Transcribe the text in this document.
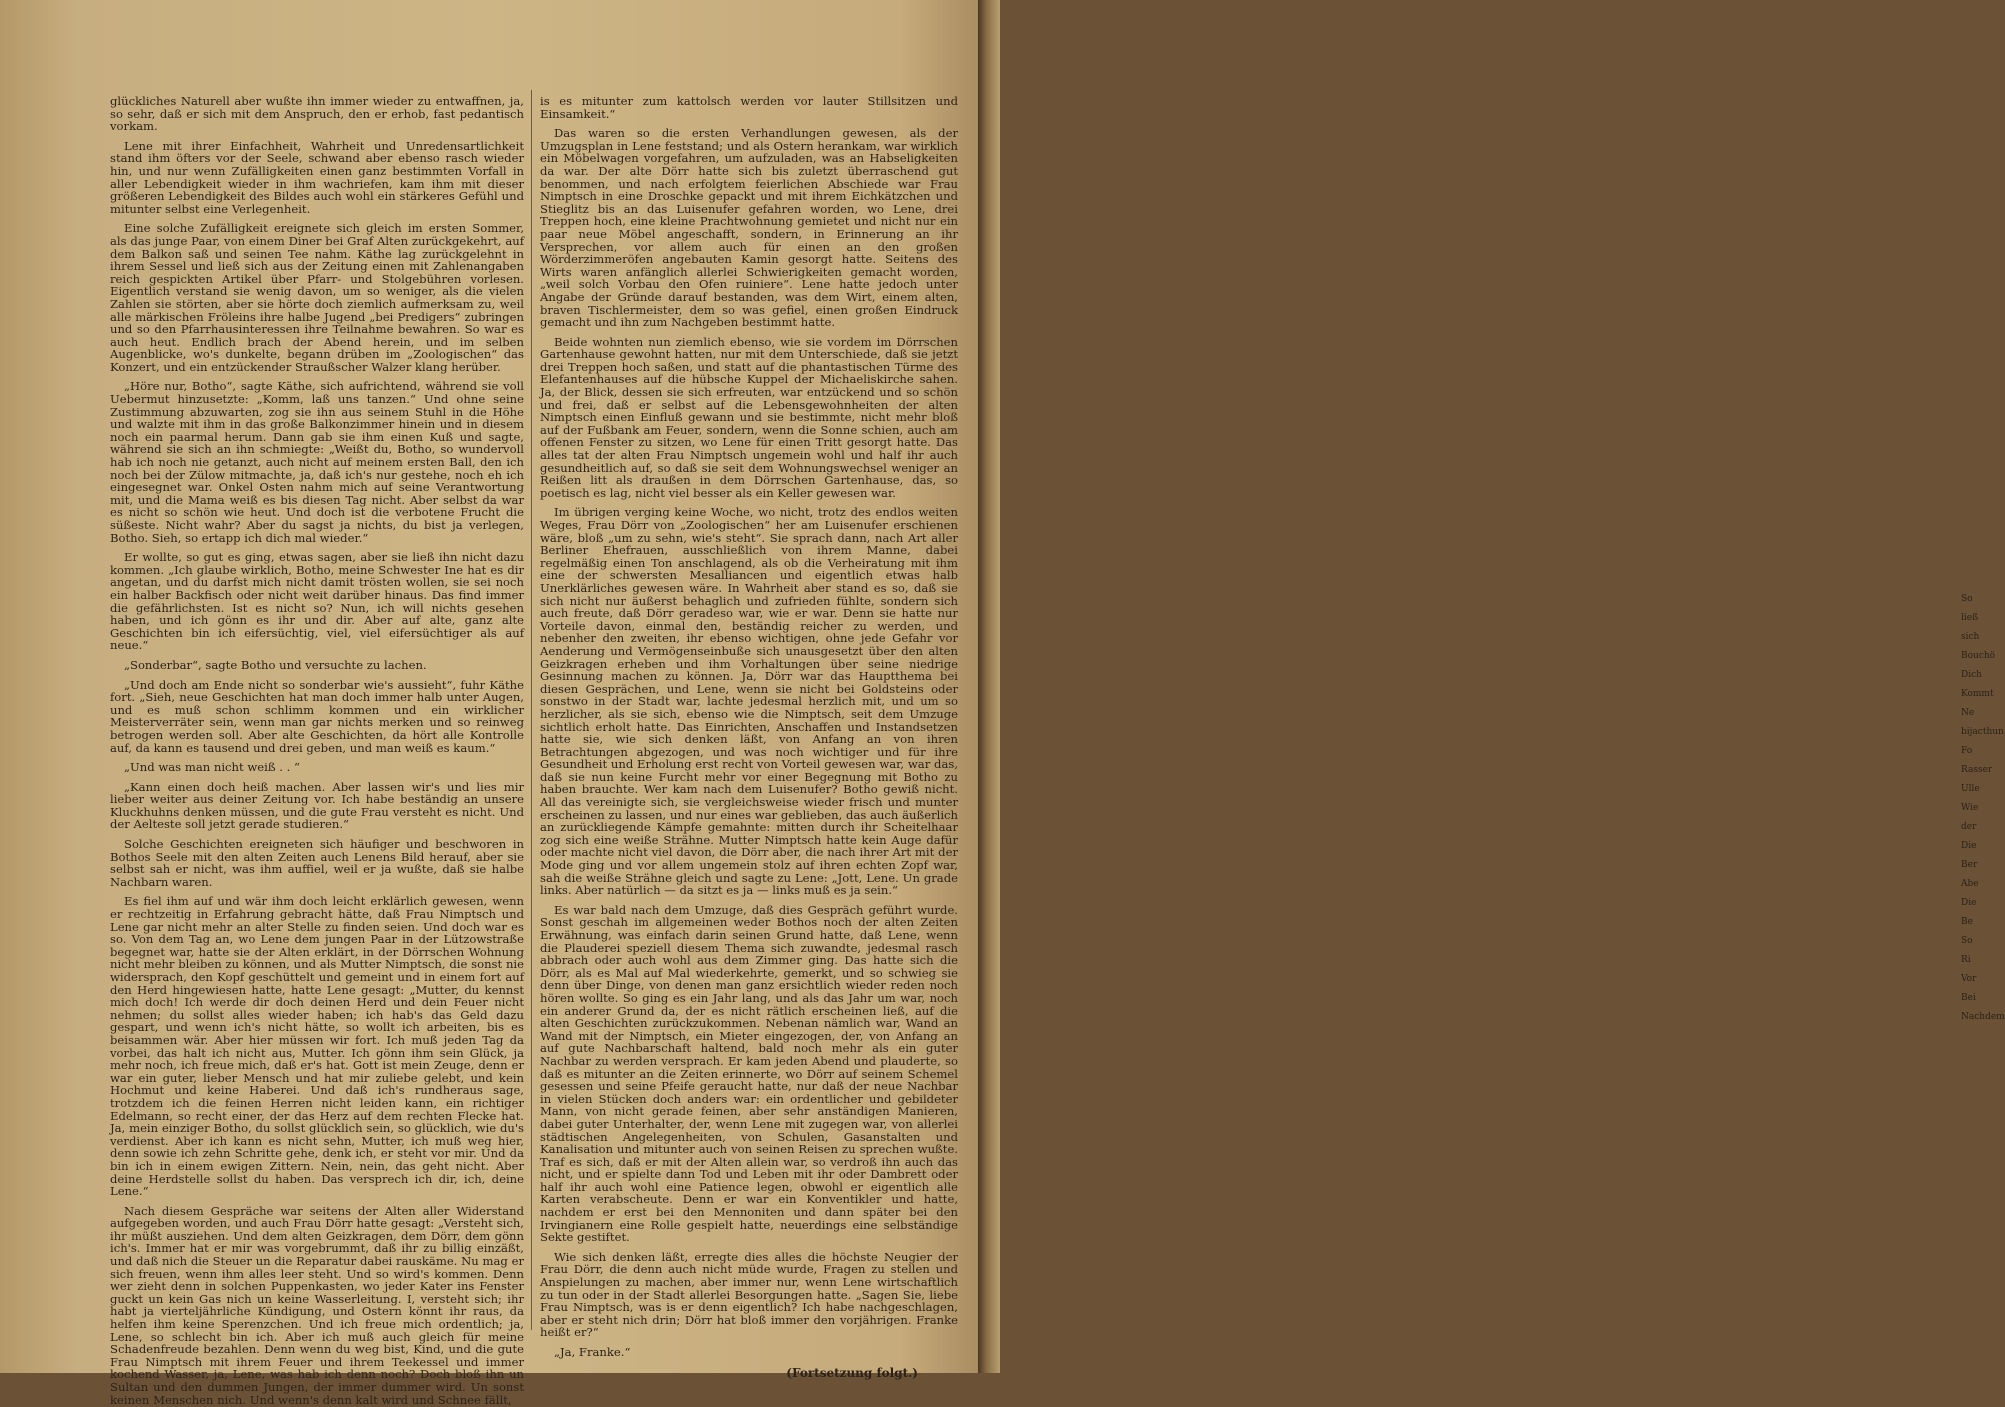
glückliches Naturell aber wußte ihn immer wieder zu entwaffnen, ja, so sehr, daß er sich mit dem Anspruch, den er erhob, fast pedantisch vorkam.

Lene mit ihrer Einfachheit, Wahrheit und Unredensartlichkeit stand ihm öfters vor der Seele, schwand aber ebenso rasch wieder hin, und nur wenn Zufälligkeiten einen ganz bestimmten Vorfall in aller Lebendigkeit wieder in ihm wachriefen, kam ihm mit dieser größeren Lebendigkeit des Bildes auch wohl ein stärkeres Gefühl und mitunter selbst eine Verlegenheit.

Eine solche Zufälligkeit ereignete sich gleich im ersten Sommer, als das junge Paar, von einem Diner bei Graf Alten zurückgekehrt, auf dem Balkon saß und seinen Tee nahm. Käthe lag zurückgelehnt in ihrem Sessel und ließ sich aus der Zeitung einen mit Zahlenangaben reich gespickten Artikel über Pfarr- und Stolgebühren vorlesen. Eigentlich verstand sie wenig davon, um so weniger, als die vielen Zahlen sie störten, aber sie hörte doch ziemlich aufmerksam zu, weil alle märkischen Fröleins ihre halbe Jugend „bei Predigers“ zubringen und so den Pfarrhausinteressen ihre Teilnahme bewahren. So war es auch heut. Endlich brach der Abend herein, und im selben Augenblicke, wo's dunkelte, begann drüben im „Zoologischen“ das Konzert, und ein entzückender Straußscher Walzer klang herüber.

„Höre nur, Botho“, sagte Käthe, sich aufrichtend, während sie voll Uebermut hinzusetzte: „Komm, laß uns tanzen.“ Und ohne seine Zustimmung abzuwarten, zog sie ihn aus seinem Stuhl in die Höhe und walzte mit ihm in das große Balkonzimmer hinein und in diesem noch ein paarmal herum. Dann gab sie ihm einen Kuß und sagte, während sie sich an ihn schmiegte: „Weißt du, Botho, so wundervoll hab ich noch nie getanzt, auch nicht auf meinem ersten Ball, den ich noch bei der Zülow mitmachte, ja, daß ich's nur gestehe, noch eh ich eingesegnet war. Onkel Osten nahm mich auf seine Verantwortung mit, und die Mama weiß es bis diesen Tag nicht. Aber selbst da war es nicht so schön wie heut. Und doch ist die verbotene Frucht die süßeste. Nicht wahr? Aber du sagst ja nichts, du bist ja verlegen, Botho. Sieh, so ertapp ich dich mal wieder.“

Er wollte, so gut es ging, etwas sagen, aber sie ließ ihn nicht dazu kommen. „Ich glaube wirklich, Botho, meine Schwester Ine hat es dir angetan, und du darfst mich nicht damit trösten wollen, sie sei noch ein halber Backfisch oder nicht weit darüber hinaus. Das find immer die gefährlichsten. Ist es nicht so? Nun, ich will nichts gesehen haben, und ich gönn es ihr und dir. Aber auf alte, ganz alte Geschichten bin ich eifersüchtig, viel, viel eifersüchtiger als auf neue.“

„Sonderbar“, sagte Botho und versuchte zu lachen.

„Und doch am Ende nicht so sonderbar wie's aussieht“, fuhr Käthe fort. „Sieh, neue Geschichten hat man doch immer halb unter Augen, und es muß schon schlimm kommen und ein wirklicher Meisterverräter sein, wenn man gar nichts merken und so reinweg betrogen werden soll. Aber alte Geschichten, da hört alle Kontrolle auf, da kann es tausend und drei geben, und man weiß es kaum.“

„Und was man nicht weiß . . “

„Kann einen doch heiß machen. Aber lassen wir's und lies mir lieber weiter aus deiner Zeitung vor. Ich habe beständig an unsere Kluckhuhns denken müssen, und die gute Frau versteht es nicht. Und der Aelteste soll jetzt gerade studieren.“

Solche Geschichten ereigneten sich häufiger und beschworen in Bothos Seele mit den alten Zeiten auch Lenens Bild herauf, aber sie selbst sah er nicht, was ihm auffiel, weil er ja wußte, daß sie halbe Nachbarn waren.

Es fiel ihm auf und wär ihm doch leicht erklärlich gewesen, wenn er rechtzeitig in Erfahrung gebracht hätte, daß Frau Nimptsch und Lene gar nicht mehr an alter Stelle zu finden seien. Und doch war es so. Von dem Tag an, wo Lene dem jungen Paar in der Lützowstraße begegnet war, hatte sie der Alten erklärt, in der Dörrschen Wohnung nicht mehr bleiben zu können, und als Mutter Nimptsch, die sonst nie widersprach, den Kopf geschüttelt und gemeint und in einem fort auf den Herd hingewiesen hatte, hatte Lene gesagt: „Mutter, du kennst mich doch! Ich werde dir doch deinen Herd und dein Feuer nicht nehmen; du sollst alles wieder haben; ich hab's das Geld dazu gespart, und wenn ich's nicht hätte, so wollt ich arbeiten, bis es beisammen wär. Aber hier müssen wir fort. Ich muß jeden Tag da vorbei, das halt ich nicht aus, Mutter. Ich gönn ihm sein Glück, ja mehr noch, ich freue mich, daß er's hat. Gott ist mein Zeuge, denn er war ein guter, lieber Mensch und hat mir zuliebe gelebt, und kein Hochmut und keine Haberei. Und daß ich's rundheraus sage, trotzdem ich die feinen Herren nicht leiden kann, ein richtiger Edelmann, so recht einer, der das Herz auf dem rechten Flecke hat. Ja, mein einziger Botho, du sollst glücklich sein, so glücklich, wie du's verdienst. Aber ich kann es nicht sehn, Mutter, ich muß weg hier, denn sowie ich zehn Schritte gehe, denk ich, er steht vor mir. Und da bin ich in einem ewigen Zittern. Nein, nein, das geht nicht. Aber deine Herdstelle sollst du haben. Das versprech ich dir, ich, deine Lene.“

Nach diesem Gespräche war seitens der Alten aller Widerstand aufgegeben worden, und auch Frau Dörr hatte gesagt: „Versteht sich, ihr müßt ausziehen. Und dem alten Geizkragen, dem Dörr, dem gönn ich's. Immer hat er mir was vorgebrummt, daß ihr zu billig einzäßt, und daß nich die Steuer un die Reparatur dabei rauskäme. Nu mag er sich freuen, wenn ihm alles leer steht. Und so wird's kommen. Denn wer zieht denn in solchen Puppenkasten, wo jeder Kater ins Fenster guckt un kein Gas nich un keine Wasserleitung. I, versteht sich; ihr habt ja vierteljährliche Kündigung, und Ostern könnt ihr raus, da helfen ihm keine Sperenzchen. Und ich freue mich ordentlich; ja, Lene, so schlecht bin ich. Aber ich muß auch gleich für meine Schadenfreude bezahlen. Denn wenn du weg bist, Kind, und die gute Frau Nimptsch mit ihrem Feuer und ihrem Teekessel und immer kochend Wasser, ja, Lene, was hab ich denn noch? Doch bloß ihn un Sultan und den dummen Jungen, der immer dummer wird. Un sonst keinen Menschen nich. Und wenn's denn kalt wird und Schnee fällt,

is es mitunter zum kattolsch werden vor lauter Stillsitzen und Einsamkeit.“

Das waren so die ersten Verhandlungen gewesen, als der Umzugsplan in Lene feststand; und als Ostern herankam, war wirklich ein Möbelwagen vorgefahren, um aufzuladen, was an Habseligkeiten da war. Der alte Dörr hatte sich bis zuletzt überraschend gut benommen, und nach erfolgtem feierlichen Abschiede war Frau Nimptsch in eine Droschke gepackt und mit ihrem Eichkätzchen und Stieglitz bis an das Luisenufer gefahren worden, wo Lene, drei Treppen hoch, eine kleine Prachtwohnung gemietet und nicht nur ein paar neue Möbel angeschafft, sondern, in Erinnerung an ihr Versprechen, vor allem auch für einen an den großen Wörderzimmeröfen angebauten Kamin gesorgt hatte. Seitens des Wirts waren anfänglich allerlei Schwierigkeiten gemacht worden, „weil solch Vorbau den Ofen ruiniere“. Lene hatte jedoch unter Angabe der Gründe darauf bestanden, was dem Wirt, einem alten, braven Tischlermeister, dem so was gefiel, einen großen Eindruck gemacht und ihn zum Nachgeben bestimmt hatte.

Beide wohnten nun ziemlich ebenso, wie sie vordem im Dörrschen Gartenhause gewohnt hatten, nur mit dem Unterschiede, daß sie jetzt drei Treppen hoch saßen, und statt auf die phantastischen Türme des Elefantenhauses auf die hübsche Kuppel der Michaeliskirche sahen. Ja, der Blick, dessen sie sich erfreuten, war entzückend und so schön und frei, daß er selbst auf die Lebensgewohnheiten der alten Nimptsch einen Einfluß gewann und sie bestimmte, nicht mehr bloß auf der Fußbank am Feuer, sondern, wenn die Sonne schien, auch am offenen Fenster zu sitzen, wo Lene für einen Tritt gesorgt hatte. Das alles tat der alten Frau Nimptsch ungemein wohl und half ihr auch gesundheitlich auf, so daß sie seit dem Wohnungswechsel weniger an Reißen litt als draußen in dem Dörrschen Gartenhause, das, so poetisch es lag, nicht viel besser als ein Keller gewesen war.

Im übrigen verging keine Woche, wo nicht, trotz des endlos weiten Weges, Frau Dörr von „Zoologischen“ her am Luisenufer erschienen wäre, bloß „um zu sehn, wie's steht“. Sie sprach dann, nach Art aller Berliner Ehefrauen, ausschließlich von ihrem Manne, dabei regelmäßig einen Ton anschlagend, als ob die Verheiratung mit ihm eine der schwersten Mesalliancen und eigentlich etwas halb Unerklärliches gewesen wäre. In Wahrheit aber stand es so, daß sie sich nicht nur äußerst behaglich und zufrieden fühlte, sondern sich auch freute, daß Dörr geradeso war, wie er war. Denn sie hatte nur Vorteile davon, einmal den, beständig reicher zu werden, und nebenher den zweiten, ihr ebenso wichtigen, ohne jede Gefahr vor Aenderung und Vermögenseinbuße sich unausgesetzt über den alten Geizkragen erheben und ihm Vorhaltungen über seine niedrige Gesinnung machen zu können. Ja, Dörr war das Hauptthema bei diesen Gesprächen, und Lene, wenn sie nicht bei Goldsteins oder sonstwo in der Stadt war, lachte jedesmal herzlich mit, und um so herzlicher, als sie sich, ebenso wie die Nimptsch, seit dem Umzuge sichtlich erholt hatte. Das Einrichten, Anschaffen und Instandsetzen hatte sie, wie sich denken läßt, von Anfang an von ihren Betrachtungen abgezogen, und was noch wichtiger und für ihre Gesundheit und Erholung erst recht von Vorteil gewesen war, war das, daß sie nun keine Furcht mehr vor einer Begegnung mit Botho zu haben brauchte. Wer kam nach dem Luisenufer? Botho gewiß nicht. All das vereinigte sich, sie vergleichsweise wieder frisch und munter erscheinen zu lassen, und nur eines war geblieben, das auch äußerlich an zurückliegende Kämpfe gemahnte: mitten durch ihr Scheitelhaar zog sich eine weiße Strähne. Mutter Nimptsch hatte kein Auge dafür oder machte nicht viel davon, die Dörr aber, die nach ihrer Art mit der Mode ging und vor allem ungemein stolz auf ihren echten Zopf war, sah die weiße Strähne gleich und sagte zu Lene: „Jott, Lene. Un grade links. Aber natürlich — da sitzt es ja — links muß es ja sein.“

Es war bald nach dem Umzuge, daß dies Gespräch geführt wurde. Sonst geschah im allgemeinen weder Bothos noch der alten Zeiten Erwähnung, was einfach darin seinen Grund hatte, daß Lene, wenn die Plauderei speziell diesem Thema sich zuwandte, jedesmal rasch abbrach oder auch wohl aus dem Zimmer ging. Das hatte sich die Dörr, als es Mal auf Mal wiederkehrte, gemerkt, und so schwieg sie denn über Dinge, von denen man ganz ersichtlich wieder reden noch hören wollte. So ging es ein Jahr lang, und als das Jahr um war, noch ein anderer Grund da, der es nicht rätlich erscheinen ließ, auf die alten Geschichten zurückzukommen. Nebenan nämlich war, Wand an Wand mit der Nimptsch, ein Mieter eingezogen, der, von Anfang an auf gute Nachbarschaft haltend, bald noch mehr als ein guter Nachbar zu werden versprach. Er kam jeden Abend und plauderte, so daß es mitunter an die Zeiten erinnerte, wo Dörr auf seinem Schemel gesessen und seine Pfeife geraucht hatte, nur daß der neue Nachbar in vielen Stücken doch anders war: ein ordentlicher und gebildeter Mann, von nicht gerade feinen, aber sehr anständigen Manieren, dabei guter Unterhalter, der, wenn Lene mit zugegen war, von allerlei städtischen Angelegenheiten, von Schulen, Gasanstalten und Kanalisation und mitunter auch von seinen Reisen zu sprechen wußte. Traf es sich, daß er mit der Alten allein war, so verdroß ihn auch das nicht, und er spielte dann Tod und Leben mit ihr oder Dambrett oder half ihr auch wohl eine Patience legen, obwohl er eigentlich alle Karten verabscheute. Denn er war ein Konventikler und hatte, nachdem er erst bei den Mennoniten und dann später bei den Irvingianern eine Rolle gespielt hatte, neuerdings eine selbständige Sekte gestiftet.

Wie sich denken läßt, erregte dies alles die höchste Neugier der Frau Dörr, die denn auch nicht müde wurde, Fragen zu stellen und Anspielungen zu machen, aber immer nur, wenn Lene wirtschaftlich zu tun oder in der Stadt allerlei Besorgungen hatte. „Sagen Sie, liebe Frau Nimptsch, was is er denn eigentlich? Ich habe nachgeschlagen, aber er steht nich drin; Dörr hat bloß immer den vorjährigen. Franke heißt er?“

„Ja, Franke.“

(Fortsetzung folgt.)
So
ließ sich
Bouchö
Dich
Kommt
Ne
bijacthun
Fo
Rasser
Ulle
Wie der
Die
Ber
Abe
Die
Be
So
Ri
Vor
Bei
Nachdem
